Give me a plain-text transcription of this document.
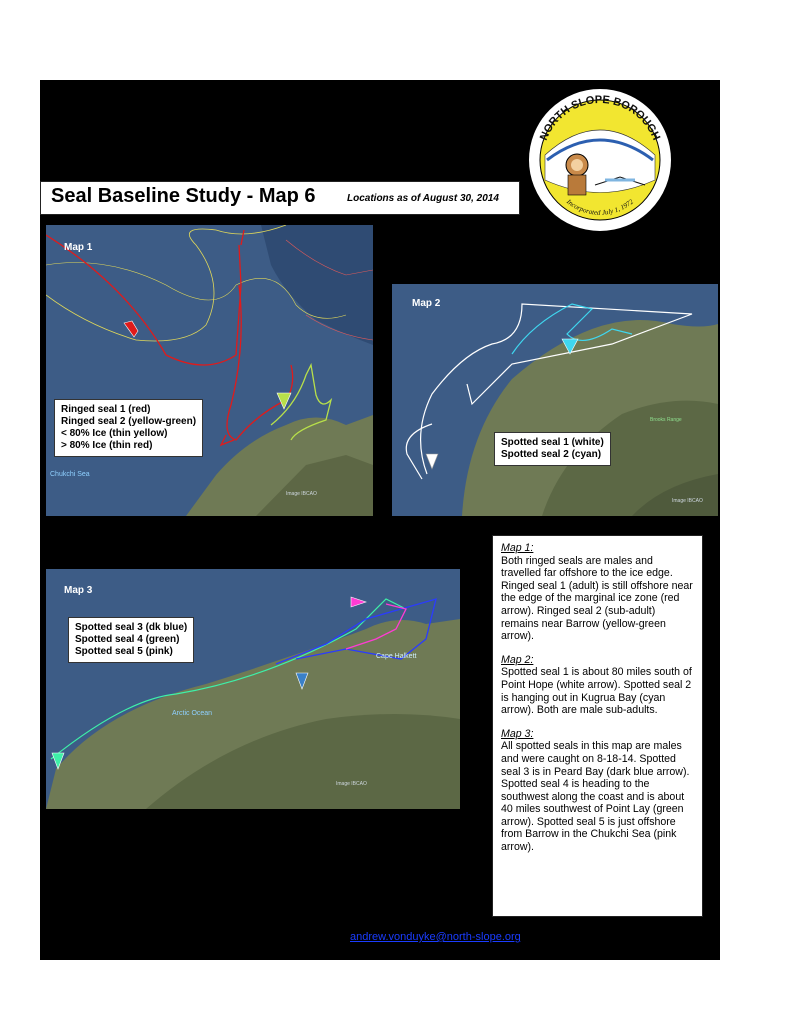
Seal Baseline Study - Map 6	Locations as of August 30, 2014
NORTH SLOPE BOROUGH
Incorporated July 1, 1972
Map 1
Ringed seal 1 (red)
Ringed seal 2 (yellow-green)
< 80% Ice (thin yellow)
> 80% Ice (thin red)
Chukchi Sea
Image IBCAO
Map 2
Spotted seal 1 (white)
Spotted seal 2 (cyan)
Brooks Range
Image IBCAO
Map 3
Spotted seal 3 (dk blue)
Spotted seal 4 (green)
Spotted seal 5 (pink)
Arctic Ocean
Cape Halkett
Image IBCAO
Map 1:

Both ringed seals are males and travelled far offshore to the ice edge. Ringed seal 1 (adult) is still offshore near the edge of the marginal ice zone (red arrow). Ringed seal 2 (sub-adult) remains near Barrow (yellow-green arrow).

Map 2:

Spotted seal 1 is about 80 miles south of Point Hope (white arrow). Spotted seal 2 is hanging out in Kugrua Bay (cyan arrow). Both are male sub-adults.

Map 3:

All spotted seals in this map are males and were caught on 8-18-14. Spotted seal 3 is in Peard Bay (dark blue arrow). Spotted seal 4 is heading to the southwest along the coast and is about 40 miles southwest of Point Lay (green arrow). Spotted seal 5 is just offshore from Barrow in the Chukchi Sea (pink arrow).

andrew.vonduyke@north-slope.org
